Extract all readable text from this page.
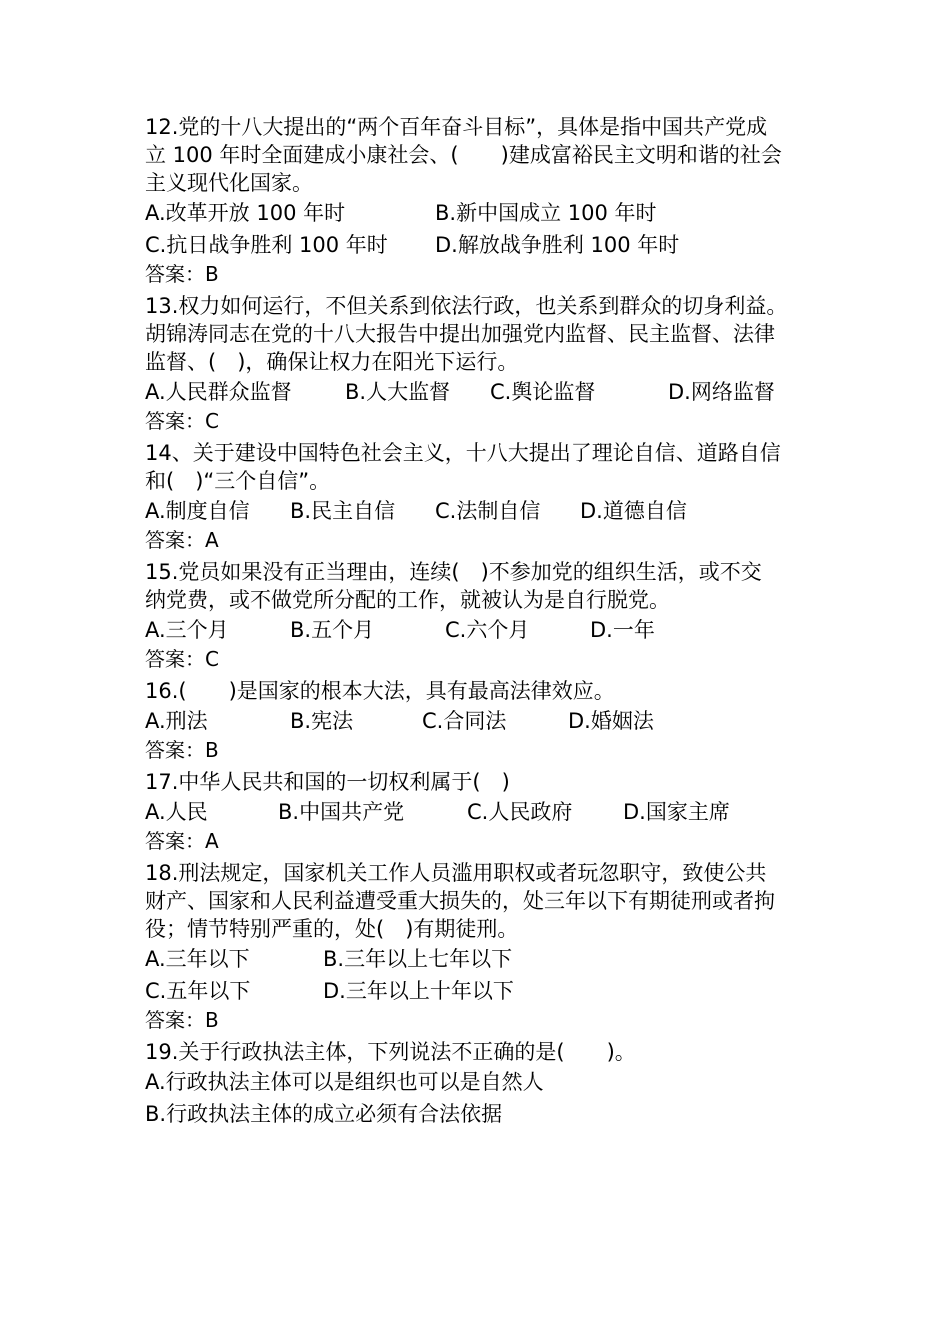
12.党的十八大提出的“两个百年奋斗目标”，具体是指中国共产党成
立 100 年时全面建成小康社会、(　　)建成富裕民主文明和谐的社会
主义现代化国家。
A.改革开放 100 年时	B.新中国成立 100 年时
C.抗日战争胜利 100 年时 D.解放战争胜利 100 年时
答案：B
13.权力如何运行，不但关系到依法行政，也关系到群众的切身利益。
胡锦涛同志在党的十八大报告中提出加强党内监督、民主监督、法律
监督、(　)，确保让权力在阳光下运行。
A.人民群众监督	B.人大监督 C.舆论监督	D.网络监督
答案：C
14、关于建设中国特色社会主义，十八大提出了理论自信、道路自信
和(　)“三个自信”。
A.制度自信 B.民主自信 C.法制自信 D.道德自信
答案：A
15.党员如果没有正当理由，连续(　)不参加党的组织生活，或不交
纳党费，或不做党所分配的工作，就被认为是自行脱党。
A.三个月	B.五个月	C.六个月	D.一年
答案：C
16.(　　)是国家的根本大法，具有最高法律效应。
A.刑法	B.宪法	C.合同法	D.婚姻法
答案：B
17.中华人民共和国的一切权利属于(　)
A.人民	B.中国共产党	C.人民政府 D.国家主席
答案：A
18.刑法规定，国家机关工作人员滥用职权或者玩忽职守，致使公共
财产、国家和人民利益遭受重大损失的，处三年以下有期徒刑或者拘
役；情节特别严重的，处(　)有期徒刑。
A.三年以下	B.三年以上七年以下
C.五年以下	D.三年以上十年以下
答案：B
19.关于行政执法主体，下列说法不正确的是(　　)。
A.行政执法主体可以是组织也可以是自然人
B.行政执法主体的成立必须有合法依据
